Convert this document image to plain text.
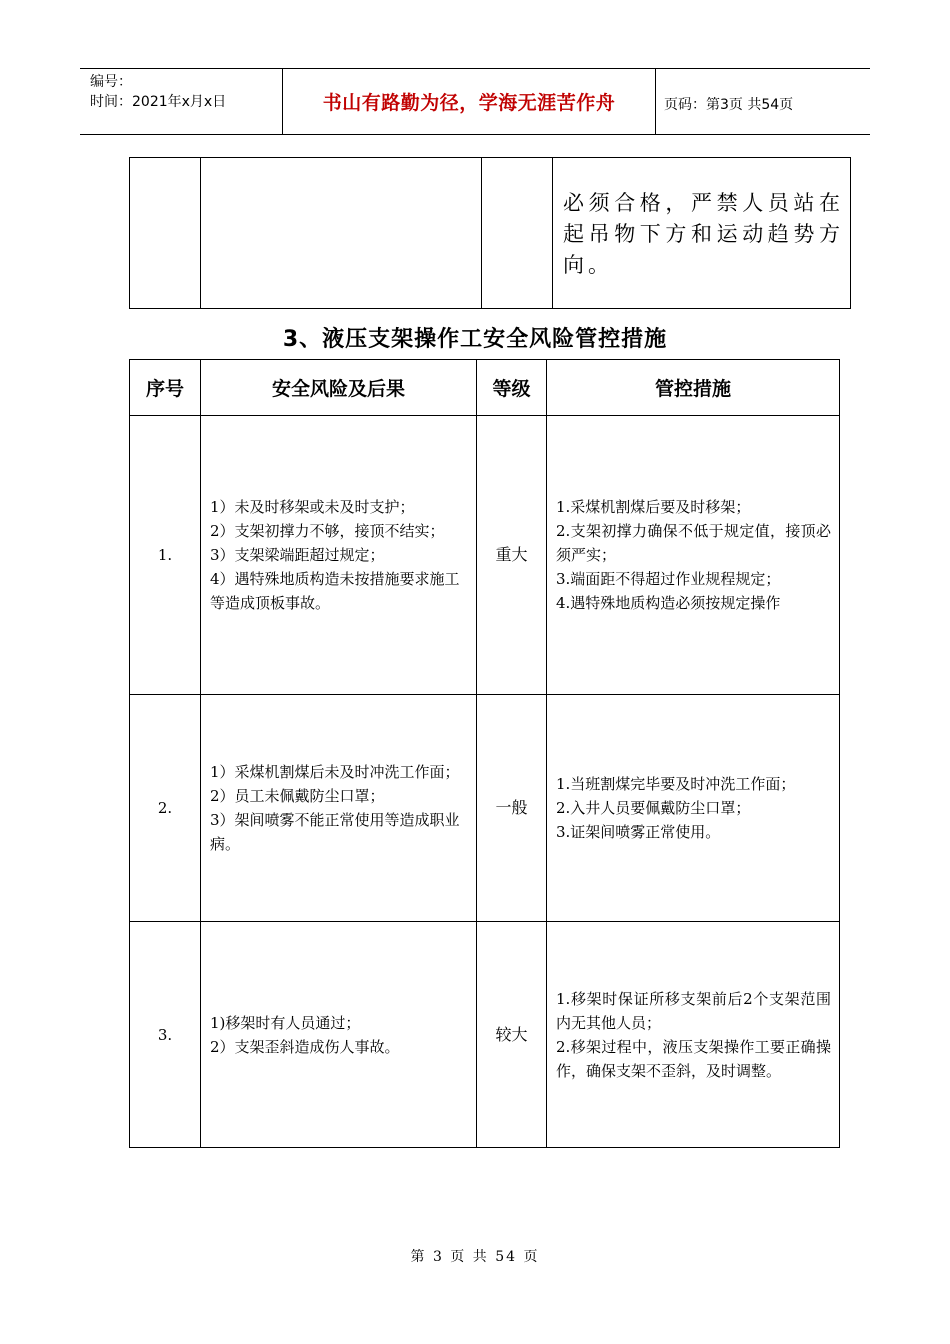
编号：
时间：2021年x月x日	书山有路勤为径，学海无涯苦作舟	页码：第3页 共54页
			必须合格，严禁人员站在起吊物下方和运动趋势方向。
3、液压支架操作工安全风险管控措施
序号	安全风险及后果	等级	管控措施
1.	1）未及时移架或未及时支护；
2）支架初撑力不够，接顶不结实；
3）支架梁端距超过规定；
4）遇特殊地质构造未按措施要求施工等造成顶板事故。	重大	1.采煤机割煤后要及时移架；
2.支架初撑力确保不低于规定值，接顶必须严实；
3.端面距不得超过作业规程规定；
4.遇特殊地质构造必须按规定操作

2.	1）采煤机割煤后未及时冲洗工作面；
2）员工未佩戴防尘口罩；
3）架间喷雾不能正常使用等造成职业病。	一般	1.当班割煤完毕要及时冲洗工作面；
2.入井人员要佩戴防尘口罩；
3.证架间喷雾正常使用。

3.	1)移架时有人员通过；
2）支架歪斜造成伤人事故。	较大	1.移架时保证所移支架前后2个支架范围内无其他人员；
2.移架过程中，液压支架操作工要正确操作，确保支架不歪斜，及时调整。
第 3 页 共 54 页
